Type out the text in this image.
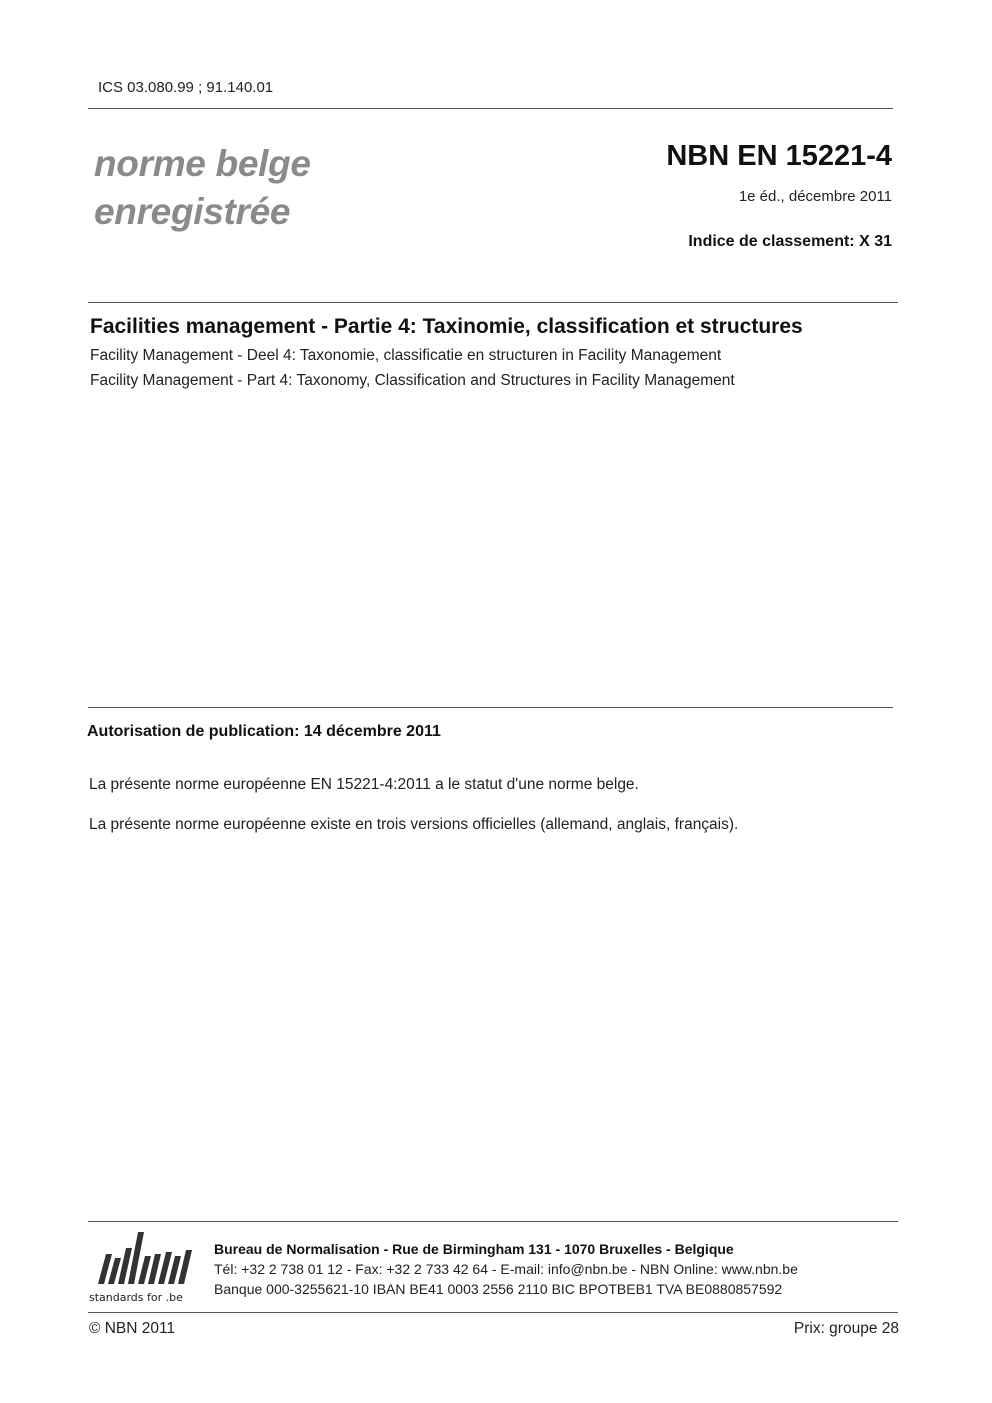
ICS 03.080.99 ; 91.140.01
norme belge
enregistrée
NBN EN 15221-4
1e éd., décembre 2011
Indice de classement: X 31
Facilities management - Partie 4: Taxinomie, classification et structures
Facility Management - Deel 4: Taxonomie, classificatie en structuren in Facility Management
Facility Management - Part 4: Taxonomy, Classification and Structures in Facility Management
Autorisation de publication: 14 décembre 2011
La présente norme européenne EN 15221-4:2011 a le statut d'une norme belge.
La présente norme européenne existe en trois versions officielles (allemand, anglais, français).
standards for .be
Bureau de Normalisation - Rue de Birmingham 131 - 1070 Bruxelles - Belgique
Tél: +32 2 738 01 12 - Fax: +32 2 733 42 64 - E-mail: info@nbn.be - NBN Online: www.nbn.be
Banque 000-3255621-10 IBAN BE41 0003 2556 2110 BIC BPOTBEB1 TVA BE0880857592
© NBN 2011	Prix: groupe 28
